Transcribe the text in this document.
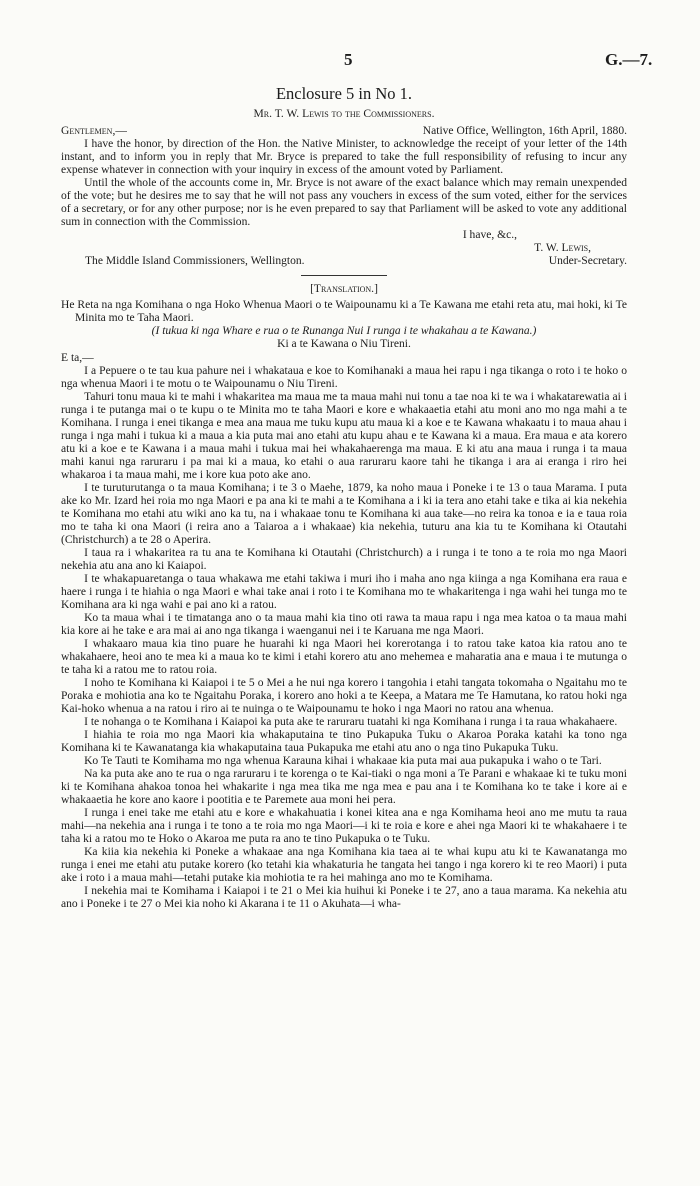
5	G.—7.
Enclosure 5 in No 1.
Mr. T. W. Lewis to the Commissioners.
Gentlemen,—	Native Office, Wellington, 16th April, 1880.

I have the honor, by direction of the Hon. the Native Minister, to acknowledge the receipt of your letter of the 14th instant, and to inform you in reply that Mr. Bryce is prepared to take the full responsibility of refusing to incur any expense whatever in connection with your inquiry in excess of the amount voted by Parliament.

Until the whole of the accounts come in, Mr. Bryce is not aware of the exact balance which may remain unexpended of the vote; but he desires me to say that he will not pass any vouchers in excess of the sum voted, either for the services of a secretary, or for any other purpose; nor is he even prepared to say that Parliament will be asked to vote any additional sum in connection with the Commission.

I have, &c.,
T. W. Lewis,
The Middle Island Commissioners, Wellington.	Under-Secretary.
[Translation.]

He Reta na nga Komihana o nga Hoko Whenua Maori o te Waipounamu ki a Te Kawana me etahi reta atu, mai hoki, ki Te Minita mo te Taha Maori.

(I tukua ki nga Whare e rua o te Runanga Nui I runga i te whakahau a te Kawana.)
Ki a te Kawana o Niu Tireni.
E ta,—

I a Pepuere o te tau kua pahure nei i whakataua e koe to Komihanaki a maua hei rapu i nga tikanga o roto i te hoko o nga whenua Maori i te motu o te Waipounamu o Niu Tireni.

Tahuri tonu maua ki te mahi i whakaritea ma maua me ta maua mahi nui tonu a tae noa ki te wa i whakatarewatia ai i runga i te putanga mai o te kupu o te Minita mo te taha Maori e kore e whakaaetia etahi atu moni ano mo nga mahi a te Komihana. I runga i enei tikanga e mea ana maua me tuku kupu atu maua ki a koe e te Kawana whakaatu i to maua ahau i runga i nga mahi i tukua ki a maua a kia puta mai ano etahi atu kupu ahau e te Kawana ki a maua. Era maua e ata korero atu ki a koe e te Kawana i a maua mahi i tukua mai hei whakahaerenga ma maua. E ki atu ana maua i runga i ta maua mahi kanui nga raruraru i pa mai ki a maua, ko etahi o aua raruraru kaore tahi he tikanga i ara ai eranga i riro hei whakaroa i ta maua mahi, me i kore kua poto ake ano.

I te turuturutanga o ta maua Komihana; i te 3 o Maehe, 1879, ka noho maua i Poneke i te 13 o taua Marama. I puta ake ko Mr. Izard hei roia mo nga Maori e pa ana ki te mahi a te Komihana a i ki ia tera ano etahi take e tika ai kia nekehia te Komihana mo etahi atu wiki ano ka tu, na i whakaae tonu te Komihana ki aua take—no reira ka tonoa e ia e taua roia mo te taha ki ona Maori (i reira ano a Taiaroa a i whakaae) kia nekehia, tuturu ana kia tu te Komihana ki Otautahi (Christchurch) a te 28 o Aperira.

I taua ra i whakaritea ra tu ana te Komihana ki Otautahi (Christchurch) a i runga i te tono a te roia mo nga Maori nekehia atu ana ano ki Kaiapoi.

I te whakapuaretanga o taua whakawa me etahi takiwa i muri iho i maha ano nga kiinga a nga Komihana era raua e haere i runga i te hiahia o nga Maori e whai take anai i roto i te Komihana mo te whakaritenga i nga wahi hei tunga mo te Komihana ara ki nga wahi e pai ano ki a ratou.

Ko ta maua whai i te timatanga ano o ta maua mahi kia tino oti rawa ta maua rapu i nga mea katoa o ta maua mahi kia kore ai he take e ara mai ai ano nga tikanga i waenganui nei i te Karuana me nga Maori.

I whakaaro maua kia tino puare he huarahi ki nga Maori hei korerotanga i to ratou take katoa kia ratou ano te whakahaere, heoi ano te mea ki a maua ko te kimi i etahi korero atu ano mehemea e maharatia ana e maua i te mutunga o te taha ki a ratou me to ratou roia.

I noho te Komihana ki Kaiapoi i te 5 o Mei a he nui nga korero i tangohia i etahi tangata tokomaha o Ngaitahu mo te Poraka e mohiotia ana ko te Ngaitahu Poraka, i korero ano hoki a te Keepa, a Matara me Te Hamutana, ko ratou hoki nga Kai-hoko whenua a na ratou i riro ai te nuinga o te Waipounamu te hoko i nga Maori no ratou ana whenua.

I te nohanga o te Komihana i Kaiapoi ka puta ake te raruraru tuatahi ki nga Komihana i runga i ta raua whakahaere.

I hiahia te roia mo nga Maori kia whakaputaina te tino Pukapuka Tuku o Akaroa Poraka katahi ka tono nga Komihana ki te Kawanatanga kia whakaputaina taua Pukapuka me etahi atu ano o nga tino Pukapuka Tuku.

Ko Te Tauti te Komihama mo nga whenua Karauna kihai i whakaae kia puta mai aua pukapuka i waho o te Tari.

Na ka puta ake ano te rua o nga raruraru i te korenga o te Kai-tiaki o nga moni a Te Parani e whakaae ki te tuku moni ki te Komihana ahakoa tonoa hei whakarite i nga mea tika me nga mea e pau ana i te Komihana ko te take i kore ai e whakaaetia he kore ano kaore i pootitia e te Paremete aua moni hei pera.

I runga i enei take me etahi atu e kore e whakahuatia i konei kitea ana e nga Komihama heoi ano me mutu ta raua mahi—na nekehia ana i runga i te tono a te roia mo nga Maori—i ki te roia e kore e ahei nga Maori ki te whakahaere i te taha ki a ratou mo te Hoko o Akaroa me puta ra ano te tino Pukapuka o te Tuku.

Ka kiia kia nekehia ki Poneke a whakaae ana nga Komihana kia taea ai te whai kupu atu ki te Kawanatanga mo runga i enei me etahi atu putake korero (ko tetahi kia whakaturia he tangata hei tango i nga korero ki te reo Maori) i puta ake i roto i a maua mahi—tetahi putake kia mohiotia te ra hei mahinga ano mo te Komihama.

I nekehia mai te Komihama i Kaiapoi i te 21 o Mei kia huihui ki Poneke i te 27, ano a taua marama. Ka nekehia atu ano i Poneke i te 27 o Mei kia noho ki Akarana i te 11 o Akuhata—i wha-
